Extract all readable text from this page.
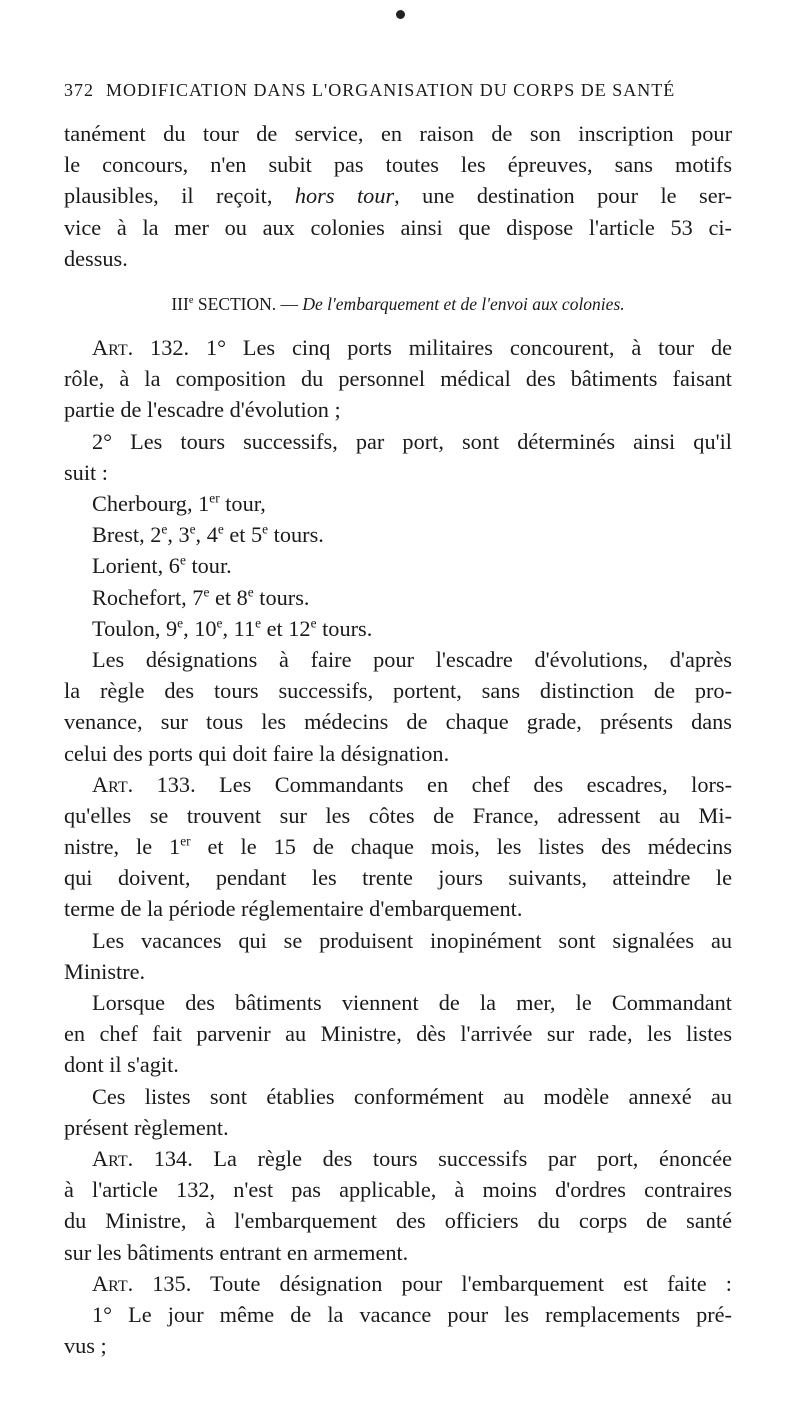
372 MODIFICATION DANS L'ORGANISATION DU CORPS DE SANTÉ
tanément du tour de service, en raison de son inscription pour
le concours, n'en subit pas toutes les épreuves, sans motifs
plausibles, il reçoit, hors tour, une destination pour le ser-
vice à la mer ou aux colonies ainsi que dispose l'article 53 ci-
dessus.
IIIe SECTION. — De l'embarquement et de l'envoi aux colonies.
Art. 132. 1° Les cinq ports militaires concourent, à tour de
rôle, à la composition du personnel médical des bâtiments faisant
partie de l'escadre d'évolution ;
2° Les tours successifs, par port, sont déterminés ainsi qu'il
suit :
Cherbourg, 1er tour,
Brest, 2e, 3e, 4e et 5e tours.
Lorient, 6e tour.
Rochefort, 7e et 8e tours.
Toulon, 9e, 10e, 11e et 12e tours.
Les désignations à faire pour l'escadre d'évolutions, d'après
la règle des tours successifs, portent, sans distinction de pro-
venance, sur tous les médecins de chaque grade, présents dans
celui des ports qui doit faire la désignation.
Art. 133. Les Commandants en chef des escadres, lors-
qu'elles se trouvent sur les côtes de France, adressent au Mi-
nistre, le 1er et le 15 de chaque mois, les listes des médecins
qui doivent, pendant les trente jours suivants, atteindre le
terme de la période réglementaire d'embarquement.
Les vacances qui se produisent inopinément sont signalées au
Ministre.
Lorsque des bâtiments viennent de la mer, le Commandant
en chef fait parvenir au Ministre, dès l'arrivée sur rade, les listes
dont il s'agit.
Ces listes sont établies conformément au modèle annexé au
présent règlement.
Art. 134. La règle des tours successifs par port, énoncée
à l'article 132, n'est pas applicable, à moins d'ordres contraires
du Ministre, à l'embarquement des officiers du corps de santé
sur les bâtiments entrant en armement.
Art. 135. Toute désignation pour l'embarquement est faite :
1° Le jour même de la vacance pour les remplacements pré-
vus ;
